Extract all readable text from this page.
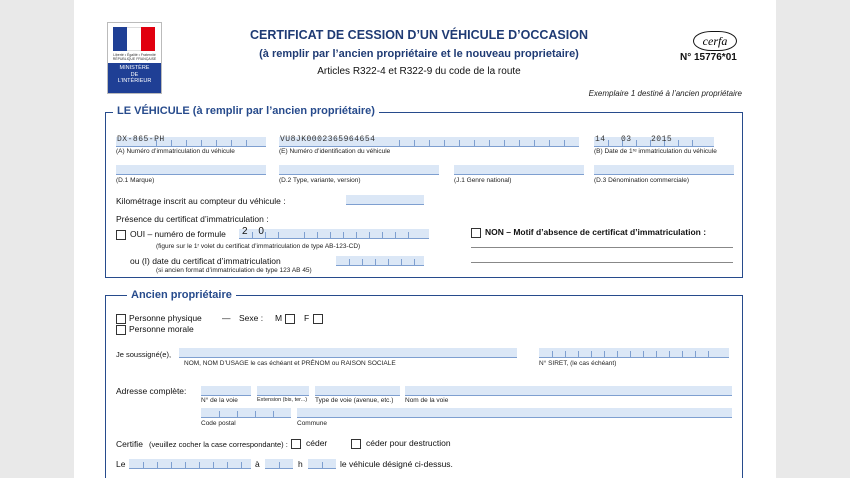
Liberté • Égalité • Fraternité RÉPUBLIQUE FRANÇAISE
MINISTÈRE
DE
L’INTÉRIEUR
CERTIFICAT DE CESSION D’UN VÉHICULE D’OCCASION
(à remplir par l’ancien propriétaire et le nouveau proprietaire)
Articles R322-4 et R322-9 du code de la route
cerfa
N° 15776*01
Exemplaire 1 destiné à l’ancien propriétaire
LE VÉHICULE (à remplir par l’ancien propriétaire)
DX-865-PH
(A) Numéro d’immatriculation du véhicule
VU8JK0002365964654
(E) Numéro d’identification du véhicule
14 03 2015
(B) Date de 1ʳᵉ immatriculation du véhicule
(D.1 Marque)	(D.2 Type, variante, version)	(J.1 Genre national)	(D.3 Dénomination commerciale)
Kilométrage inscrit au compteur du véhicule :
Présence du certificat d’immatriculation :
OUI – numéro de formule 2 0
(figure sur le 1ʳ volet du certificat d’immatriculation de type AB-123-CD)
ou (I) date du certificat d’immatriculation
(si ancien format d’immatriculation de type 123 AB 45)
NON – Motif d’absence de certificat d’immatriculation :
Ancien propriétaire
Personne physique — Sexe : M	F
Personne morale
Je soussigné(e),
NOM, NOM D’USAGE le cas échéant et PRÉNOM ou RAISON SOCIALE	N° SIRET, (le cas échéant)
Adresse complète:
N° de la voie	Extension (bis, ter...) Type de voie (avenue, etc.) Nom de la voie
Code postal	Commune
Certifie (veuillez cocher la case correspondante) : céder	céder pour destruction
Le	à	h	le véhicule désigné ci-dessus.
